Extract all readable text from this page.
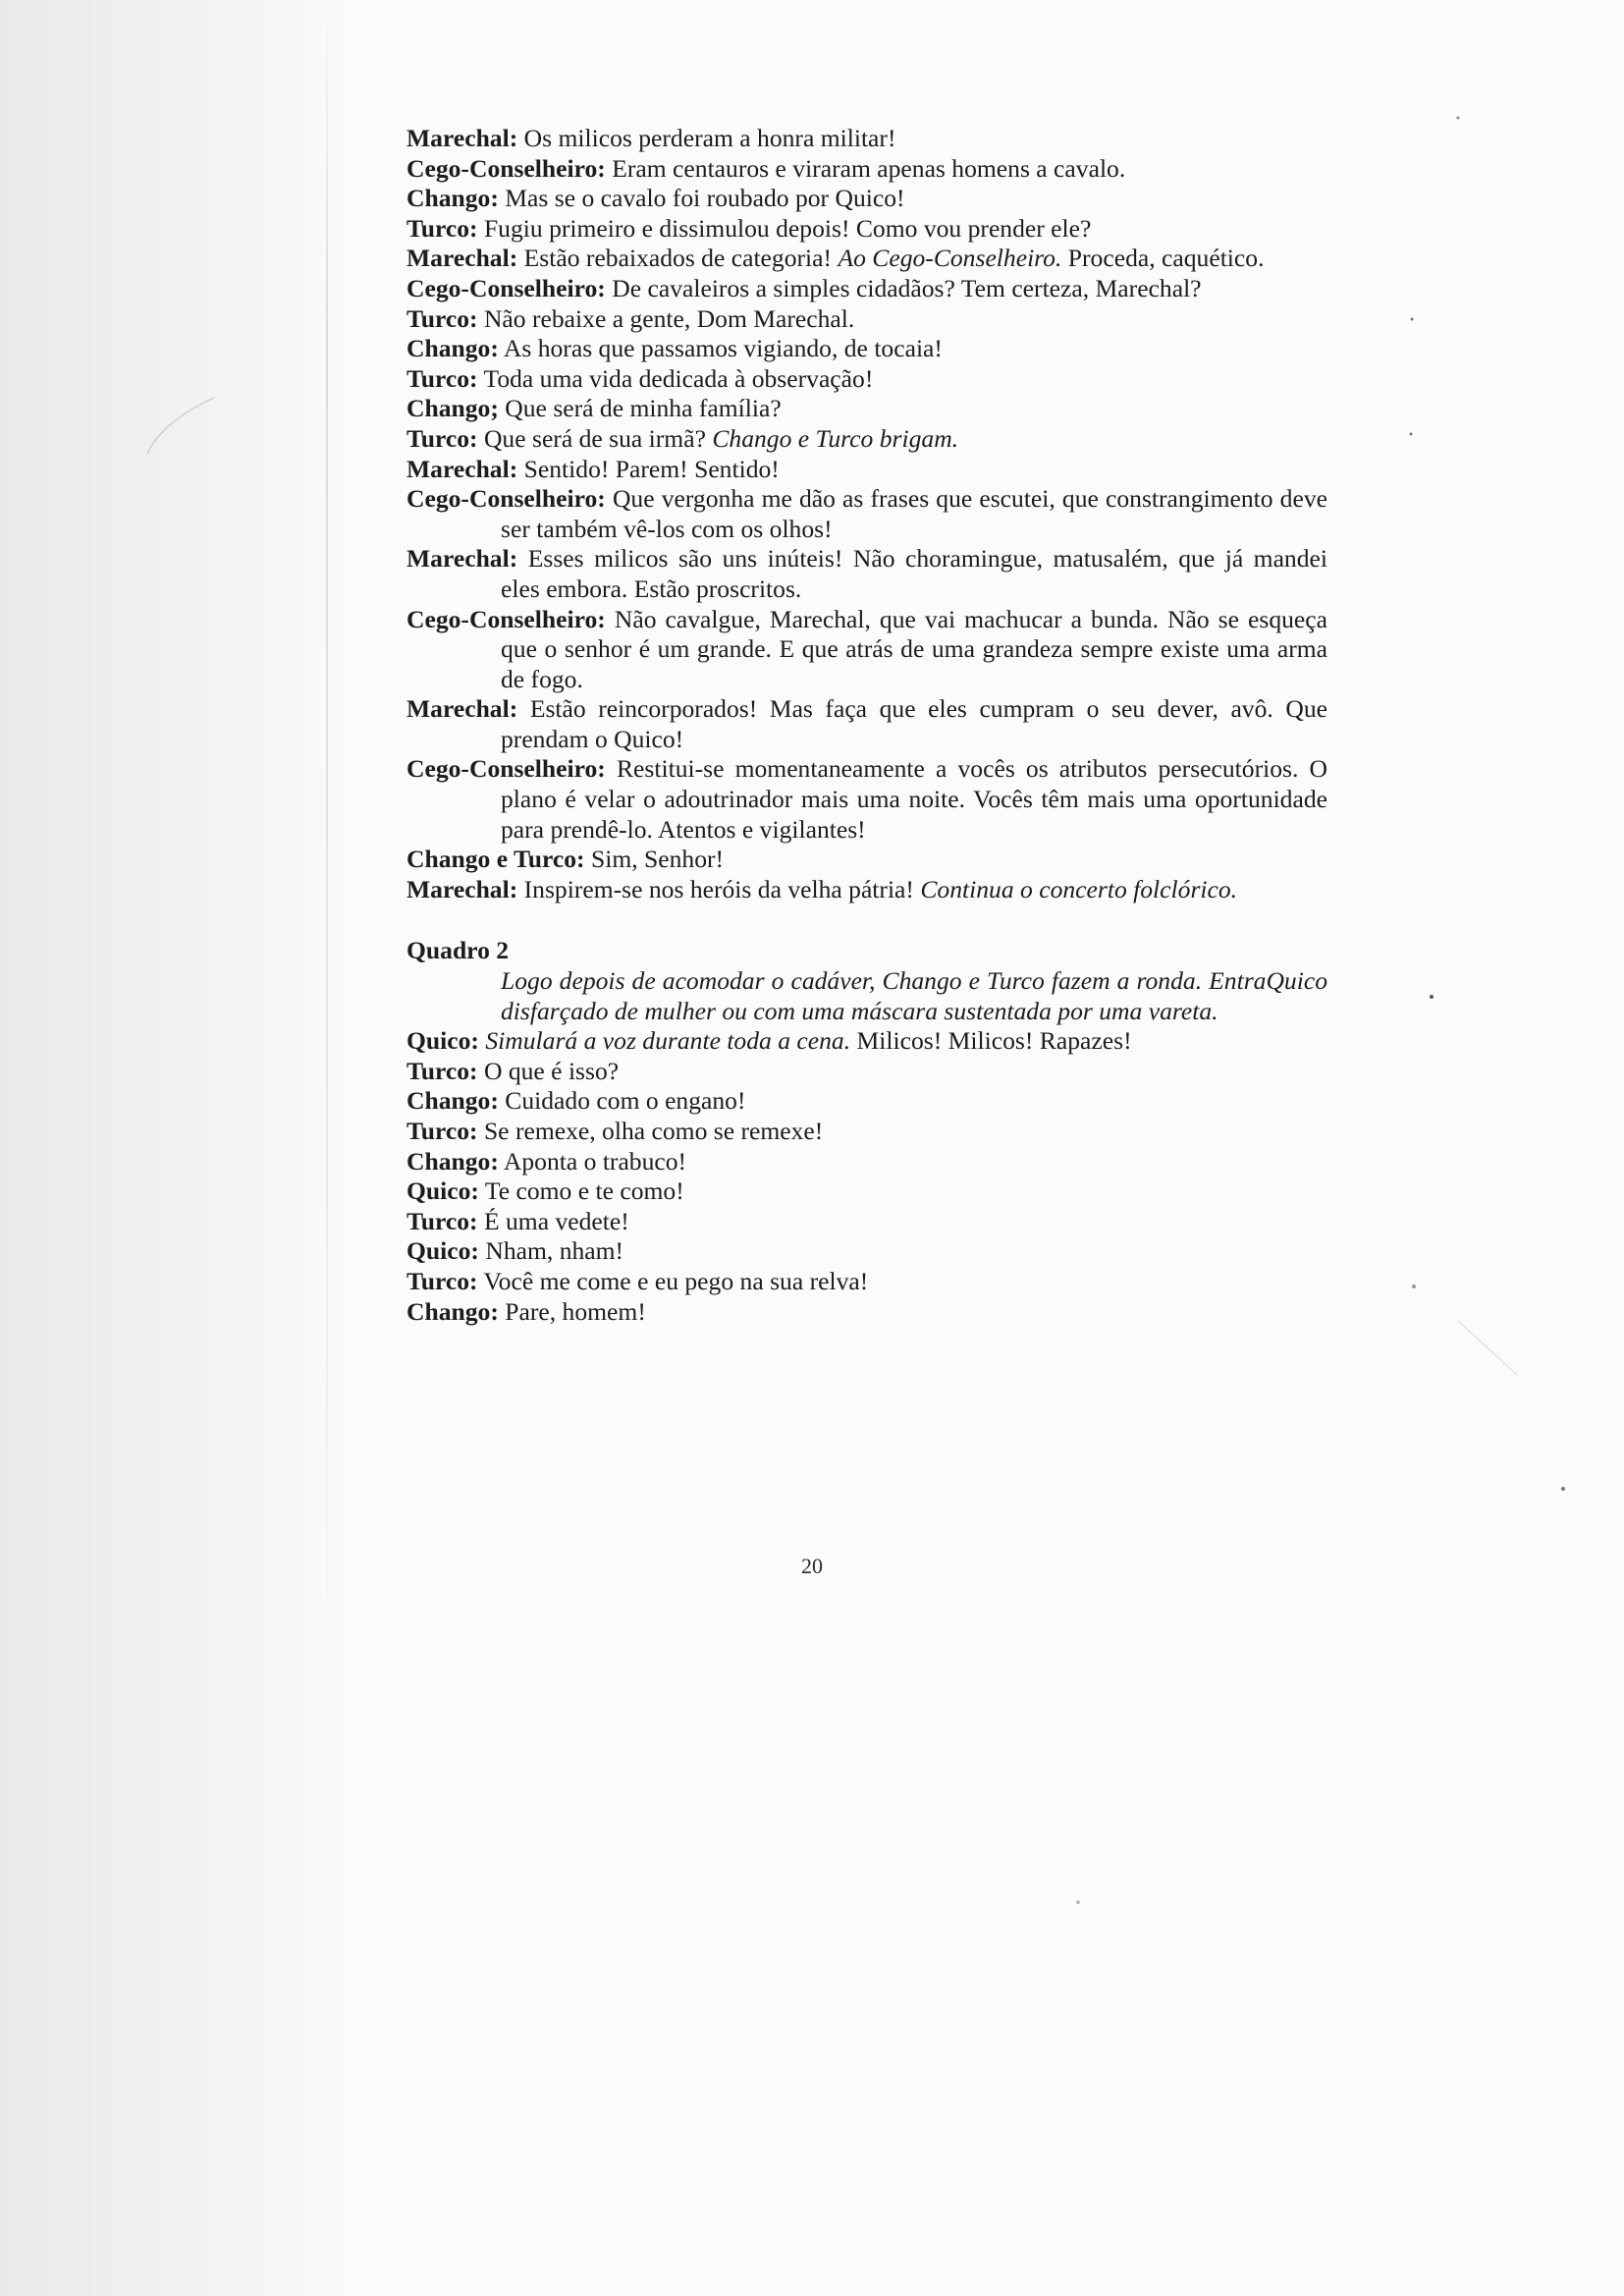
Marechal: Os milicos perderam a honra militar!

Cego-Conselheiro: Eram centauros e viraram apenas homens a cavalo.

Chango: Mas se o cavalo foi roubado por Quico!

Turco: Fugiu primeiro e dissimulou depois! Como vou prender ele?

Marechal: Estão rebaixados de categoria! Ao Cego-Conselheiro. Proceda, caquético.

Cego-Conselheiro: De cavaleiros a simples cidadãos? Tem certeza, Marechal?

Turco: Não rebaixe a gente, Dom Marechal.

Chango: As horas que passamos vigiando, de tocaia!

Turco: Toda uma vida dedicada à observação!

Chango; Que será de minha família?

Turco: Que será de sua irmã? Chango e Turco brigam.

Marechal: Sentido! Parem! Sentido!

Cego-Conselheiro: Que vergonha me dão as frases que escutei, que constrangimento deve ser também vê-los com os olhos!

Marechal: Esses milicos são uns inúteis! Não choramingue, matusalém, que já mandei eles embora. Estão proscritos.

Cego-Conselheiro: Não cavalgue, Marechal, que vai machucar a bunda. Não se esqueça que o senhor é um grande. E que atrás de uma grandeza sempre existe uma arma de fogo.

Marechal: Estão reincorporados! Mas faça que eles cumpram o seu dever, avô. Que prendam o Quico!

Cego-Conselheiro: Restitui-se momentaneamente a vocês os atributos persecutórios. O plano é velar o adoutrinador mais uma noite. Vocês têm mais uma oportunidade para prendê-lo. Atentos e vigilantes!

Chango e Turco: Sim, Senhor!

Marechal: Inspirem-se nos heróis da velha pátria! Continua o concerto folclórico.

Quadro 2

Logo depois de acomodar o cadáver, Chango e Turco fazem a ronda. EntraQuico disfarçado de mulher ou com uma máscara sustentada por uma vareta.

Quico: Simulará a voz durante toda a cena. Milicos! Milicos! Rapazes!

Turco: O que é isso?

Chango: Cuidado com o engano!

Turco: Se remexe, olha como se remexe!

Chango: Aponta o trabuco!

Quico: Te como e te como!

Turco: É uma vedete!

Quico: Nham, nham!

Turco: Você me come e eu pego na sua relva!

Chango: Pare, homem!

20
